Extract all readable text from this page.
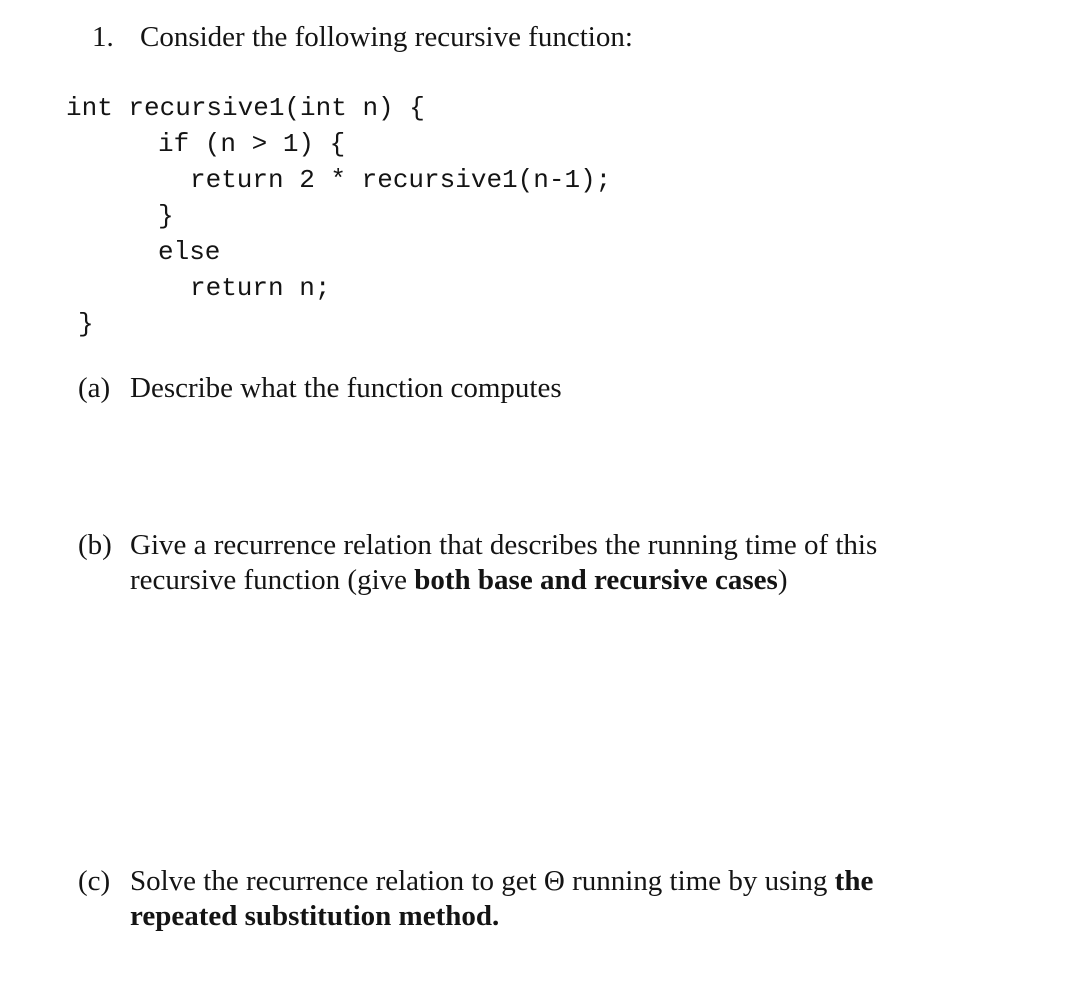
1. Consider the following recursive function:
int recursive1(int n) {
if (n > 1) {
return 2 * recursive1(n-1);
}
else
return n;
}
(a) Describe what the function computes
(b) Give a recurrence relation that describes the running time of this
recursive function (give both base and recursive cases)
(c) Solve the recurrence relation to get Θ running time by using the
repeated substitution method.
